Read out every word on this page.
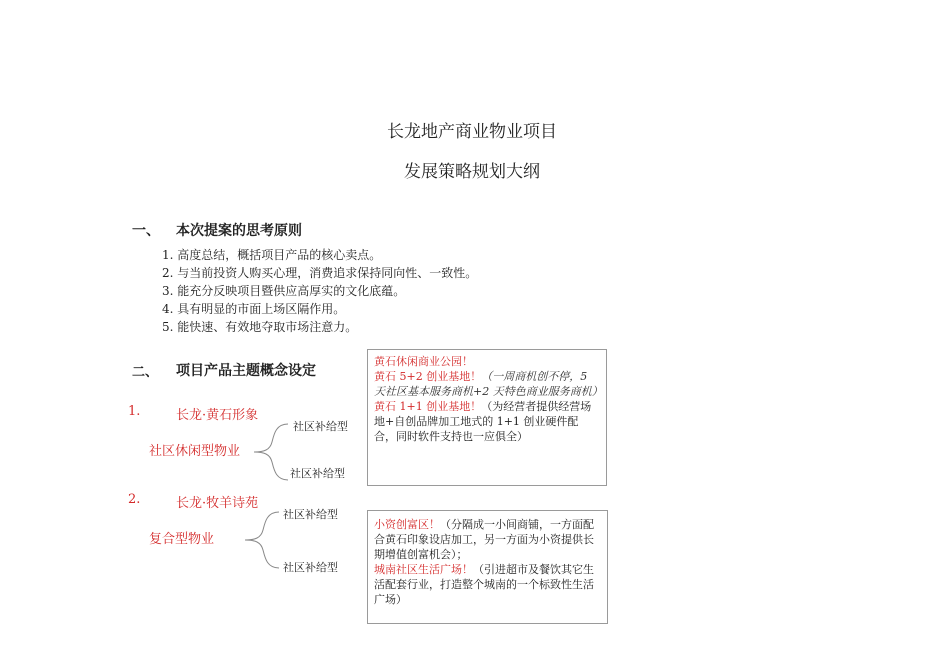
长龙地产商业物业项目
发展策略规划大纲
一、 本次提案的思考原则
1. 高度总结，概括项目产品的核心卖点。
2. 与当前投资人购买心理，消费追求保持同向性、一致性。
3. 能充分反映项目暨供应高厚实的文化底蕴。
4. 具有明显的市面上场区隔作用。
5. 能快速、有效地夺取市场注意力。
二、 项目产品主题概念设定
1.	长龙·黄石形象
社区休闲型物业
社区补给型
社区补给型
2.	长龙·牧羊诗苑
复合型物业
社区补给型
社区补给型
黄石休闲商业公园！
黄石 5+2 创业基地！（一周商机创不停，5 天社区基本服务商机+2 天特色商业服务商机）
黄石 1+1 创业基地！（为经营者提供经营场地+自创品牌加工地式的 1+1 创业硬件配合，同时软件支持也一应俱全）
小资创富区！（分隔成一小间商铺，一方面配合黄石印象设店加工，另一方面为小资提供长期增值创富机会）；
城南社区生活广场！（引进超市及餐饮其它生活配套行业，打造整个城南的一个标致性生活广场）
